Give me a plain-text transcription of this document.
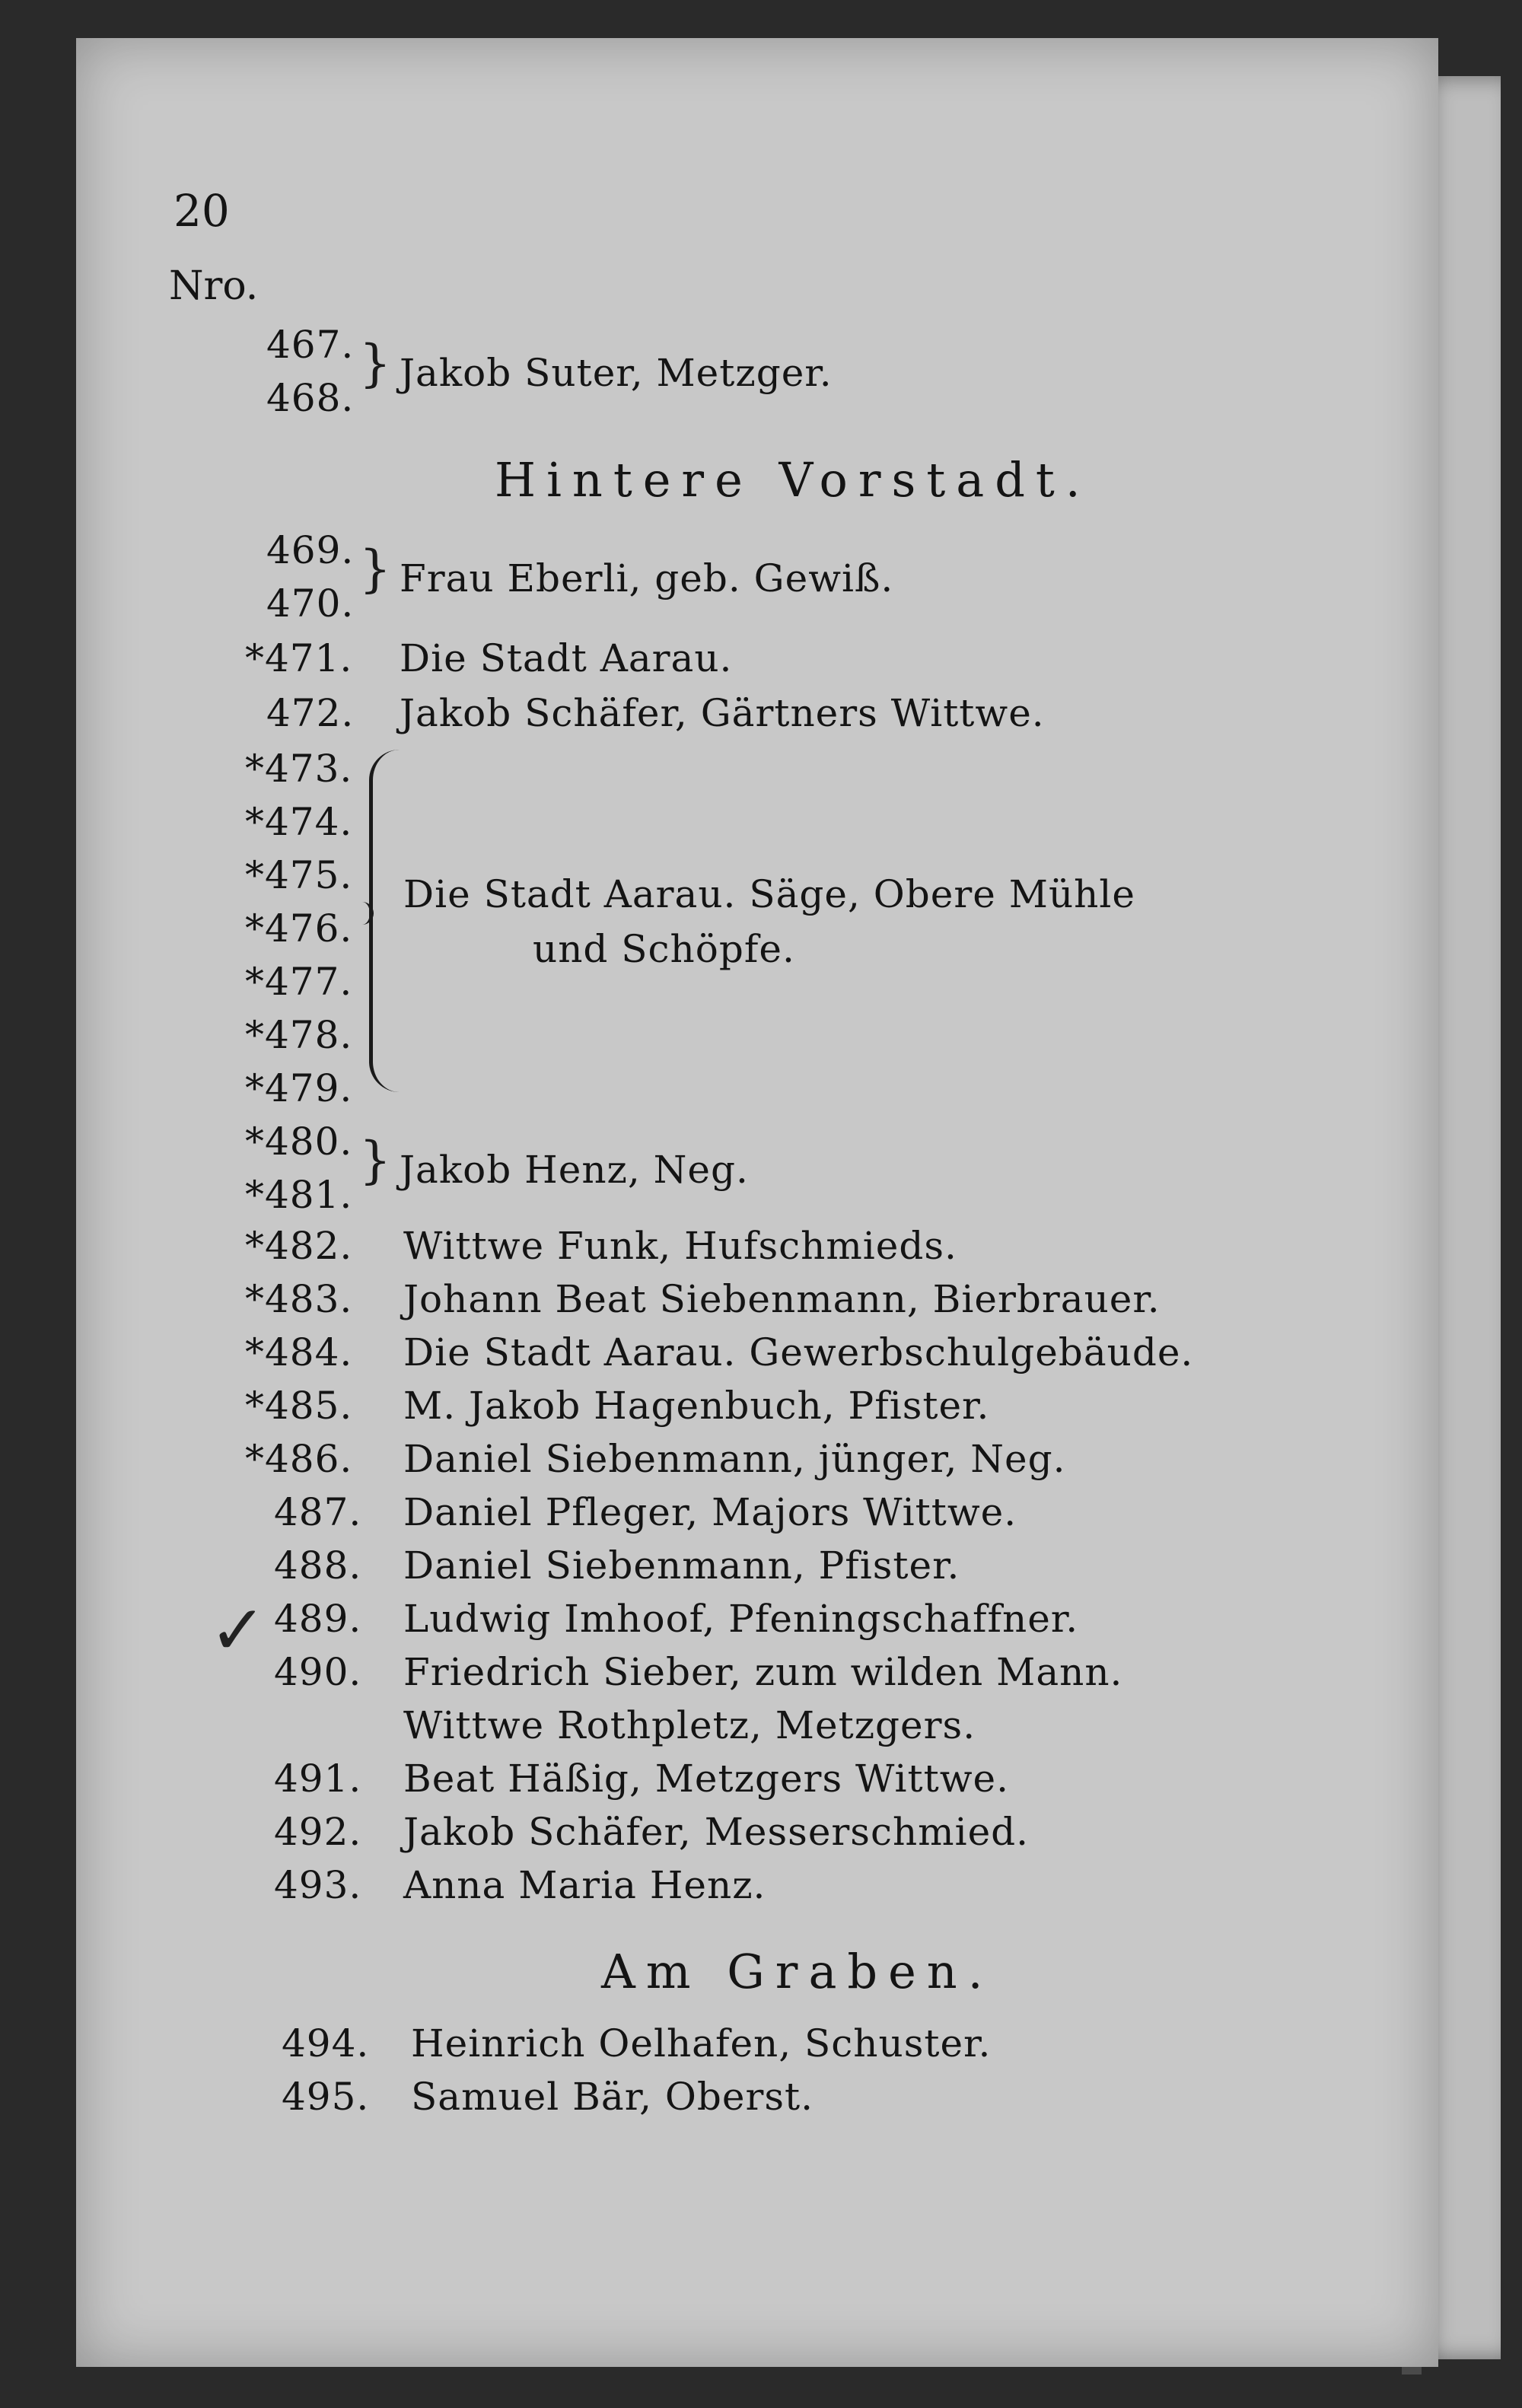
20
Nro.
467.
468.
} Jakob Suter, Metzger.
Hintere Vorstadt.
469.
470.
} Frau Eberli, geb. Gewiß.
*471. Die Stadt Aarau.
472. Jakob Schäfer, Gärtners Wittwe.
*473.
*474.
*475.
*476.
*477.
*478.
*479.
Die Stadt Aarau. Säge, Obere Mühle
und Schöpfe.
*480.
*481.
} Jakob Henz, Neg.
*482. Wittwe Funk, Hufschmieds.
*483. Johann Beat Siebenmann, Bierbrauer.
*484. Die Stadt Aarau. Gewerbschulgebäude.
*485. M. Jakob Hagenbuch, Pfister.
*486. Daniel Siebenmann, jünger, Neg.
487. Daniel Pfleger, Majors Wittwe.
488. Daniel Siebenmann, Pfister.
489. Ludwig Imhoof, Pfeningschaffner.
✓
490. Friedrich Sieber, zum wilden Mann.
Wittwe Rothpletz, Metzgers.
491. Beat Häßig, Metzgers Wittwe.
492. Jakob Schäfer, Messerschmied.
493. Anna Maria Henz.
Am Graben.
494. Heinrich Oelhafen, Schuster.
495. Samuel Bär, Oberst.
